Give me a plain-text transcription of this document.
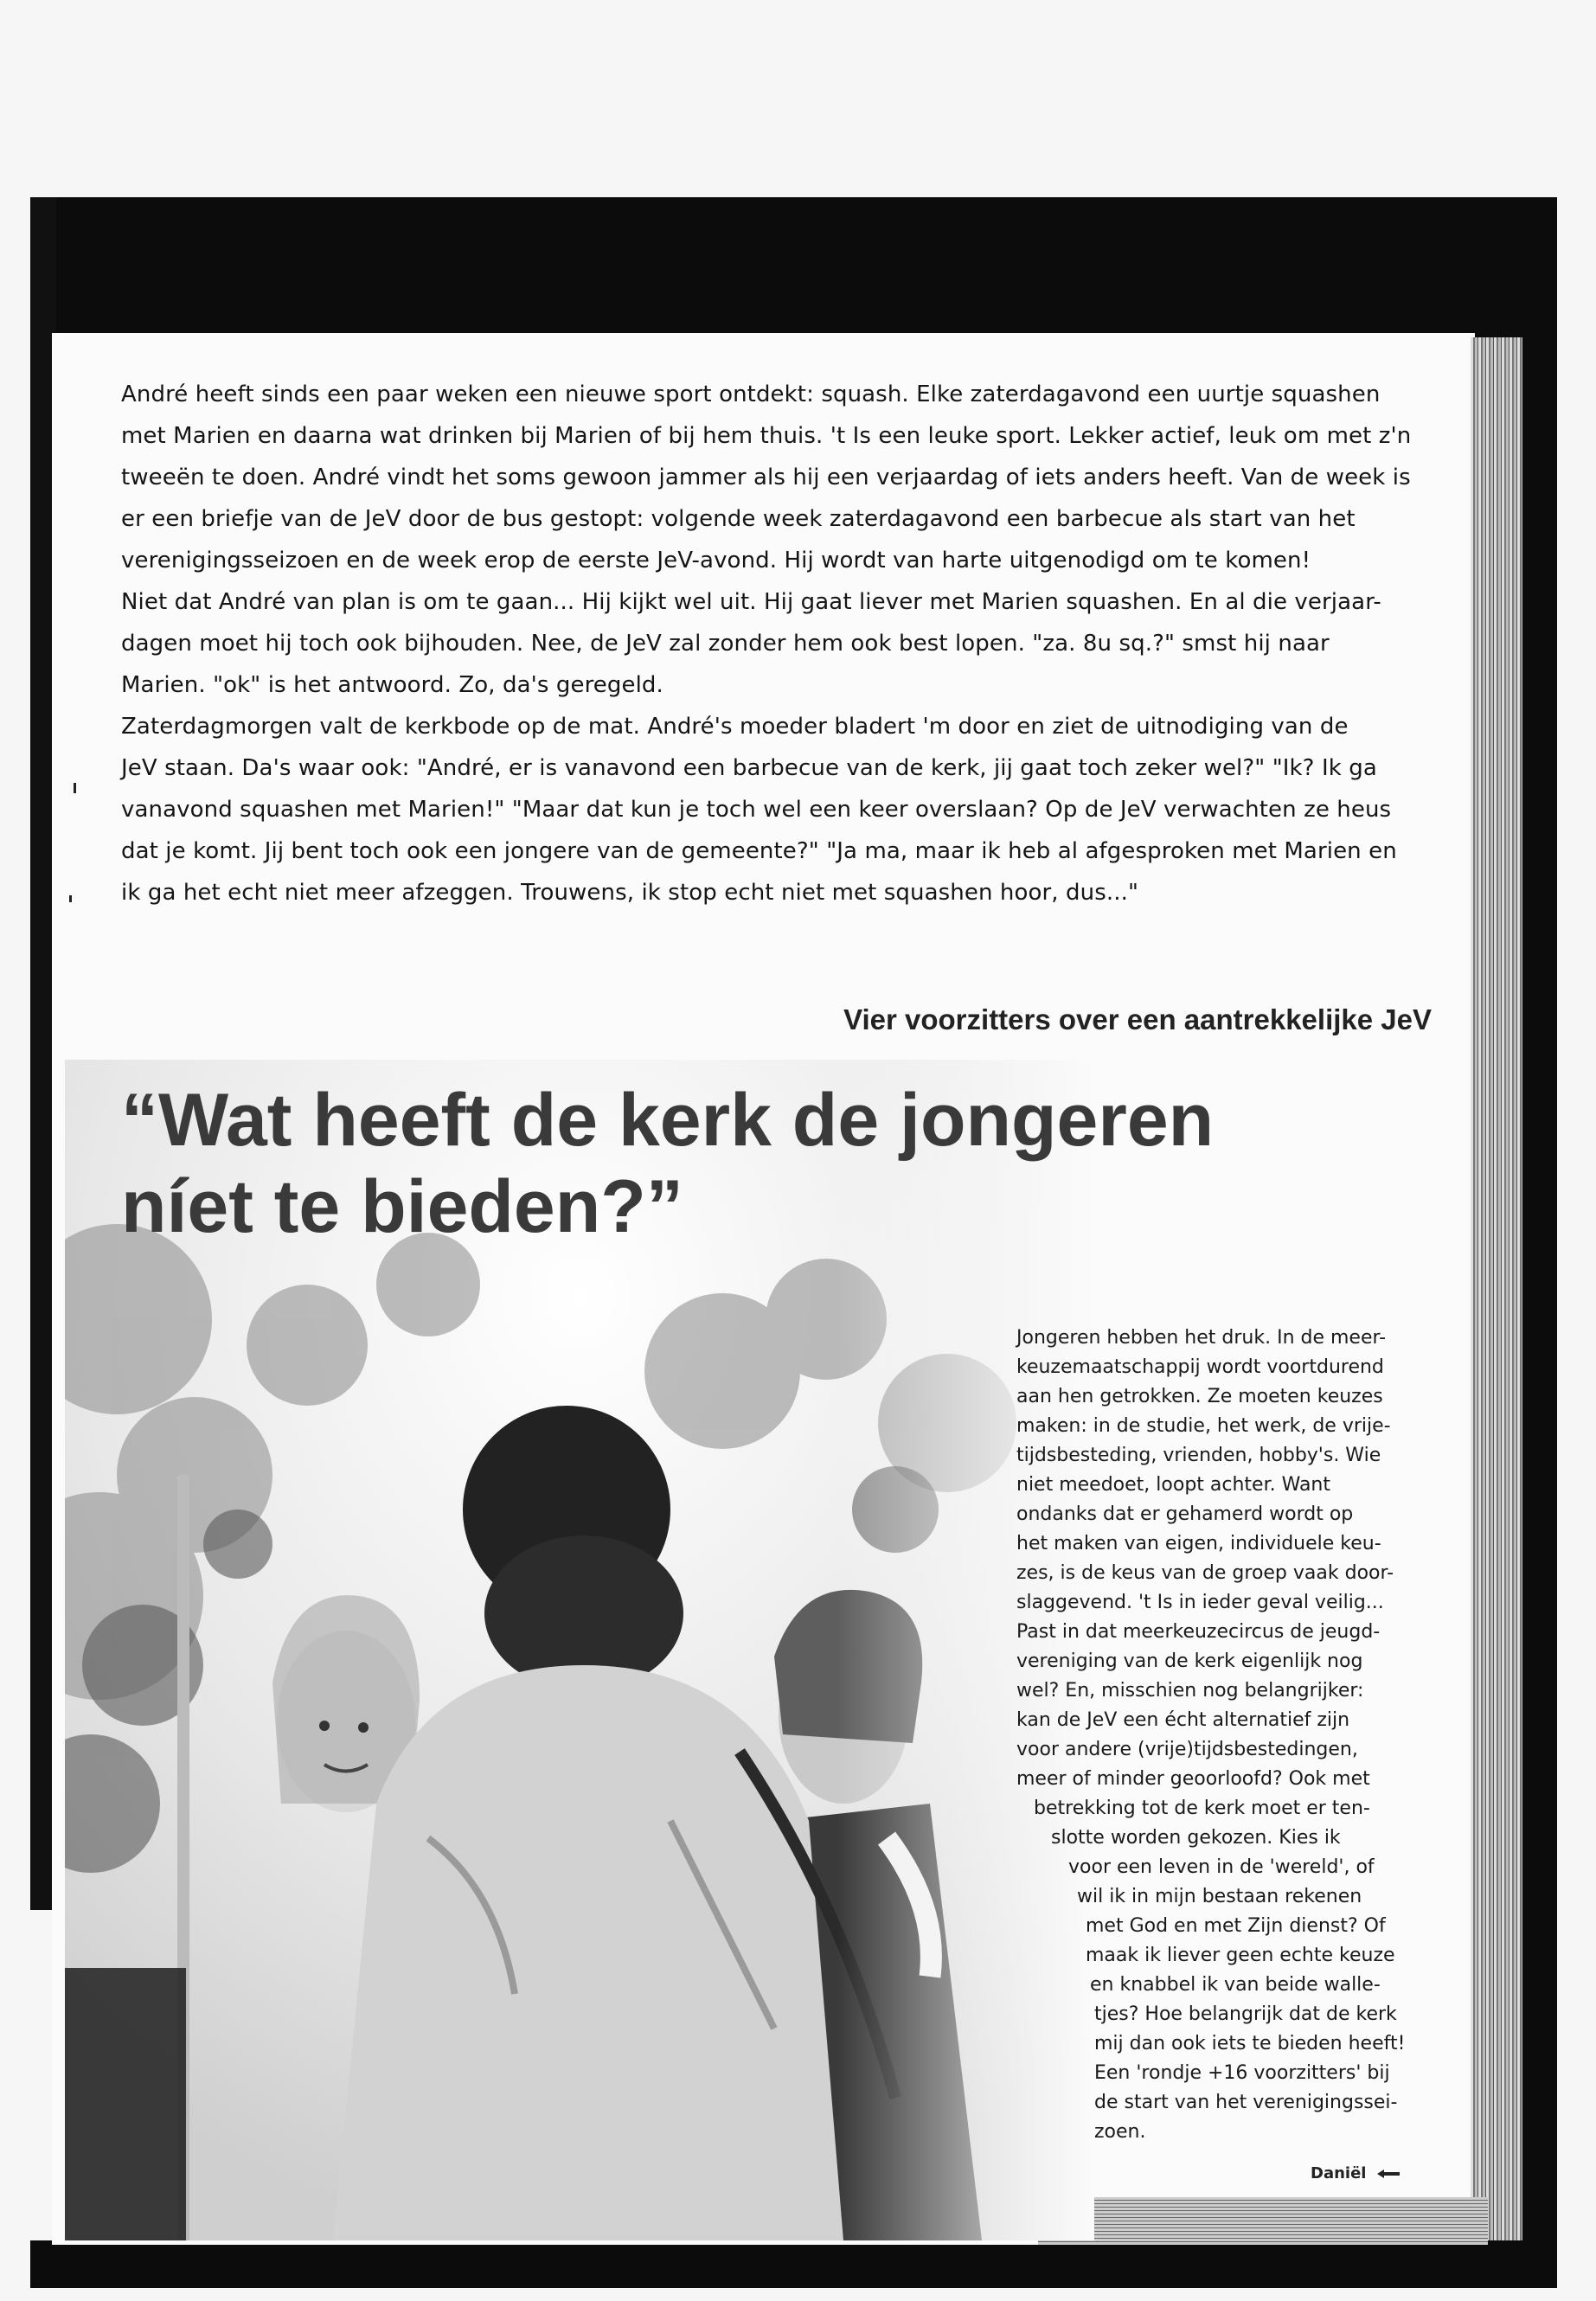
André heeft sinds een paar weken een nieuwe sport ontdekt: squash. Elke zaterdagavond een uurtje squashen

met Marien en daarna wat drinken bij Marien of bij hem thuis. 't Is een leuke sport. Lekker actief, leuk om met z'n

tweeën te doen. André vindt het soms gewoon jammer als hij een verjaardag of iets anders heeft. Van de week is

er een briefje van de JeV door de bus gestopt: volgende week zaterdagavond een barbecue als start van het

verenigingsseizoen en de week erop de eerste JeV-avond. Hij wordt van harte uitgenodigd om te komen!

Niet dat André van plan is om te gaan... Hij kijkt wel uit. Hij gaat liever met Marien squashen. En al die verjaar-

dagen moet hij toch ook bijhouden. Nee, de JeV zal zonder hem ook best lopen. "za. 8u sq.?" smst hij naar

Marien. "ok" is het antwoord. Zo, da's geregeld.

Zaterdagmorgen valt de kerkbode op de mat. André's moeder bladert 'm door en ziet de uitnodiging van de

JeV staan. Da's waar ook: "André, er is vanavond een barbecue van de kerk, jij gaat toch zeker wel?" "Ik? Ik ga

vanavond squashen met Marien!" "Maar dat kun je toch wel een keer overslaan? Op de JeV verwachten ze heus

dat je komt. Jij bent toch ook een jongere van de gemeente?" "Ja ma, maar ik heb al afgesproken met Marien en

ik ga het echt niet meer afzeggen. Trouwens, ik stop echt niet met squashen hoor, dus..."

Vier voorzitters over een aantrekkelijke JeV
“Wat heeft de kerk de jongeren
níet te bieden?”
Jongeren hebben het druk. In de meer-
keuzemaatschappij wordt voortdurend
aan hen getrokken. Ze moeten keuzes
maken: in de studie, het werk, de vrije-
tijdsbesteding, vrienden, hobby's. Wie
niet meedoet, loopt achter. Want
ondanks dat er gehamerd wordt op
het maken van eigen, individuele keu-
zes, is de keus van de groep vaak door-
slaggevend. 't Is in ieder geval veilig...
Past in dat meerkeuzecircus de jeugd-
vereniging van de kerk eigenlijk nog
wel? En, misschien nog belangrijker:
kan de JeV een écht alternatief zijn
voor andere (vrije)tijdsbestedingen,
meer of minder geoorloofd? Ook met
betrekking tot de kerk moet er ten-
slotte worden gekozen. Kies ik
voor een leven in de 'wereld', of
wil ik in mijn bestaan rekenen
met God en met Zijn dienst? Of
maak ik liever geen echte keuze
en knabbel ik van beide walle-
tjes? Hoe belangrijk dat de kerk
mij dan ook iets te bieden heeft!
Een 'rondje +16 voorzitters' bij
de start van het verenigingssei-
zoen.
Daniël
